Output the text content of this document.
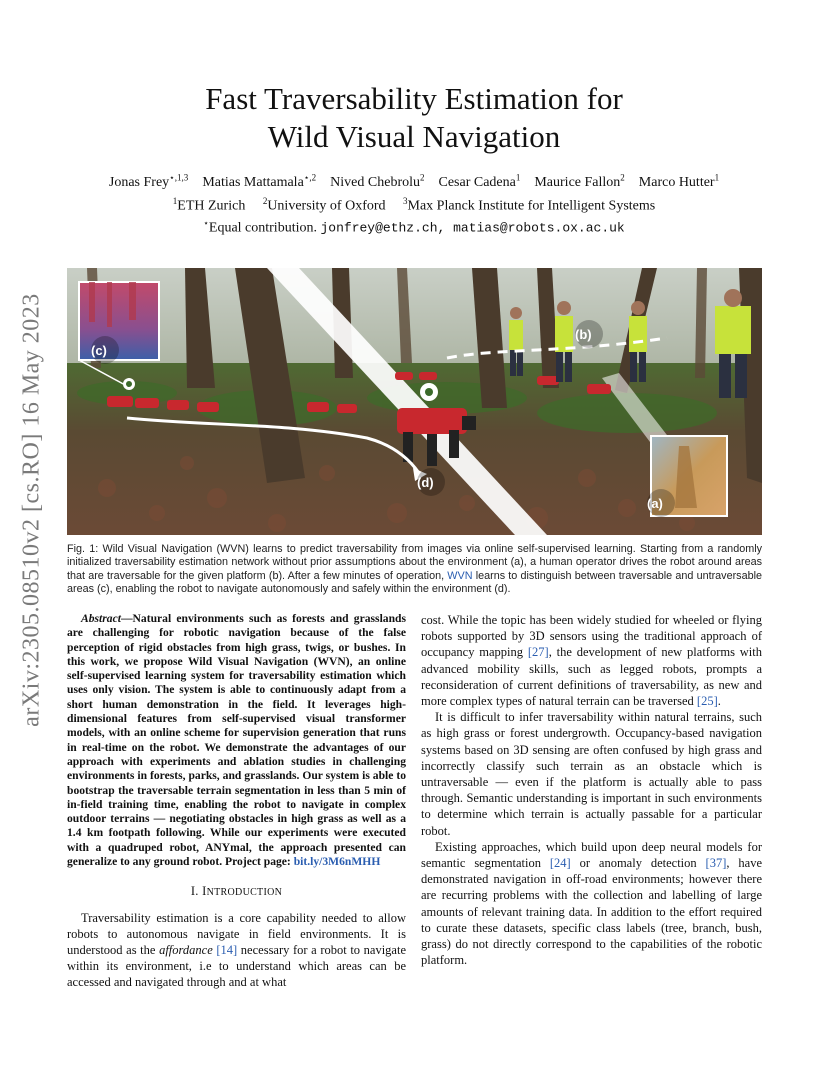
arXiv:2305.08510v2 [cs.RO] 16 May 2023
Fast Traversability Estimation for
Wild Visual Navigation
Jonas Frey$^{⋆,1,3}$ Matias Mattamala$^{⋆,2}$ Nived Chebrolu$^2$ Cesar Cadena$^1$ Maurice Fallon$^2$ Marco Hutter$^1$
$^1$ETH Zurich $^2$University of Oxford $^3$Max Planck Institute for Intelligent Systems
⋆Equal contribution. jonfrey@ethz.ch, matias@robots.ox.ac.uk
(c)
(b)
(d)
(a)
Fig. 1: Wild Visual Navigation (WVN) learns to predict traversability from images via online self-supervised learning. Starting from a randomly initialized traversability estimation network without prior assumptions about the environment (a), a human operator drives the robot around areas that are traversable for the given platform (b). After a few minutes of operation, WVN learns to distinguish between traversable and untraversable areas (c), enabling the robot to navigate autonomously and safely within the environment (d).

Abstract—Natural environments such as forests and grasslands are challenging for robotic navigation because of the false perception of rigid obstacles from high grass, twigs, or bushes. In this work, we propose Wild Visual Navigation (WVN), an online self-supervised learning system for traversability estimation which uses only vision. The system is able to continuously adapt from a short human demonstration in the field. It leverages high-dimensional features from self-supervised visual transformer models, with an online scheme for supervision generation that runs in real-time on the robot. We demonstrate the advantages of our approach with experiments and ablation studies in challenging environments in forests, parks, and grasslands. Our system is able to bootstrap the traversable terrain segmentation in less than 5 min of in-field training time, enabling the robot to navigate in complex outdoor terrains — negotiating obstacles in high grass as well as a 1.4 km footpath following. While our experiments were executed with a quadruped robot, ANYmal, the approach presented can generalize to any ground robot. Project page: bit.ly/3M6nMHH

I. INTRODUCTION

Traversability estimation is a core capability needed to allow robots to autonomous navigate in field environments. It is understood as the affordance [14] necessary for a robot to navigate within its environment, i.e to understand which areas can be accessed and navigated through and at what

cost. While the topic has been widely studied for wheeled or flying robots supported by 3D sensors using the traditional approach of occupancy mapping [27], the development of new platforms with advanced mobility skills, such as legged robots, prompts a reconsideration of current definitions of traversability, as new and more complex types of natural terrain can be traversed [25].

It is difficult to infer traversability within natural terrains, such as high grass or forest undergrowth. Occupancy-based navigation systems based on 3D sensing are often confused by high grass and incorrectly classify such terrain as an obstacle which is untraversable — even if the platform is actually able to pass through. Semantic understanding is important in such environments to determine which terrain is actually passable for a particular robot.

Existing approaches, which build upon deep neural models for semantic segmentation [24] or anomaly detection [37], have demonstrated navigation in off-road environments; however there are recurring problems with the collection and labelling of large amounts of relevant training data. In addition to the effort required to curate these datasets, specific class labels (tree, branch, bush, grass) do not directly correspond to the capabilities of the robotic platform.
